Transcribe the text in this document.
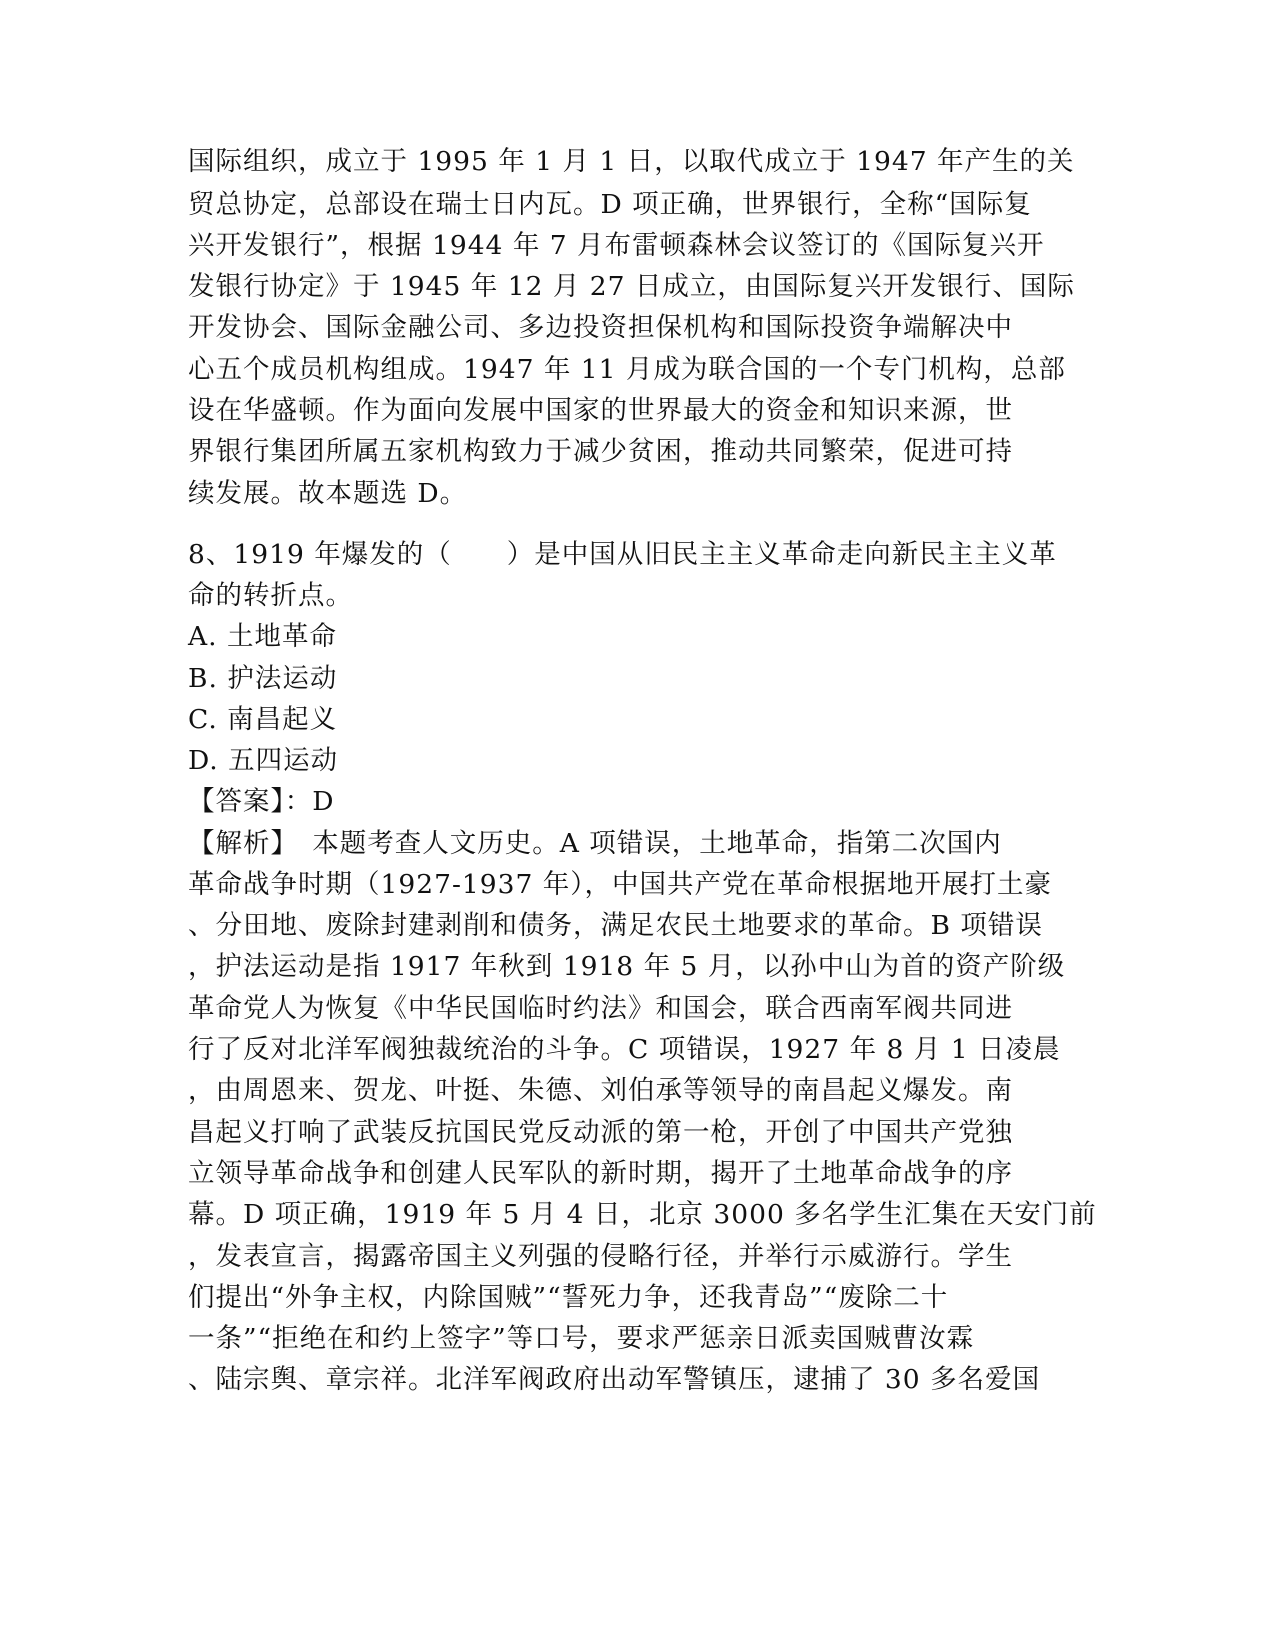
国际组织，成立于 1995 年 1 月 1 日，以取代成立于 1947 年产生的关
贸总协定，总部设在瑞士日内瓦。D 项正确，世界银行，全称“国际复
兴开发银行”，根据 1944 年 7 月布雷顿森林会议签订的《国际复兴开
发银行协定》于 1945 年 12 月 27 日成立，由国际复兴开发银行、国际
开发协会、国际金融公司、多边投资担保机构和国际投资争端解决中
心五个成员机构组成。1947 年 11 月成为联合国的一个专门机构，总部
设在华盛顿。作为面向发展中国家的世界最大的资金和知识来源，世
界银行集团所属五家机构致力于减少贫困，推动共同繁荣，促进可持
续发展。故本题选 D。
8、1919 年爆发的（　　）是中国从旧民主主义革命走向新民主主义革
命的转折点。
A. 土地革命
B. 护法运动
C. 南昌起义
D. 五四运动
【答案】：D
【解析】　本题考查人文历史。A 项错误，土地革命，指第二次国内
革命战争时期（1927-1937 年），中国共产党在革命根据地开展打土豪
、分田地、废除封建剥削和债务，满足农民土地要求的革命。B 项错误
，护法运动是指 1917 年秋到 1918 年 5 月，以孙中山为首的资产阶级
革命党人为恢复《中华民国临时约法》和国会，联合西南军阀共同进
行了反对北洋军阀独裁统治的斗争。C 项错误，1927 年 8 月 1 日凌晨
，由周恩来、贺龙、叶挺、朱德、刘伯承等领导的南昌起义爆发。南
昌起义打响了武装反抗国民党反动派的第一枪，开创了中国共产党独
立领导革命战争和创建人民军队的新时期，揭开了土地革命战争的序
幕。D 项正确，1919 年 5 月 4 日，北京 3000 多名学生汇集在天安门前
，发表宣言，揭露帝国主义列强的侵略行径，并举行示威游行。学生
们提出“外争主权，内除国贼”“誓死力争，还我青岛”“废除二十
一条”“拒绝在和约上签字”等口号，要求严惩亲日派卖国贼曹汝霖
、陆宗舆、章宗祥。北洋军阀政府出动军警镇压，逮捕了 30 多名爱国
